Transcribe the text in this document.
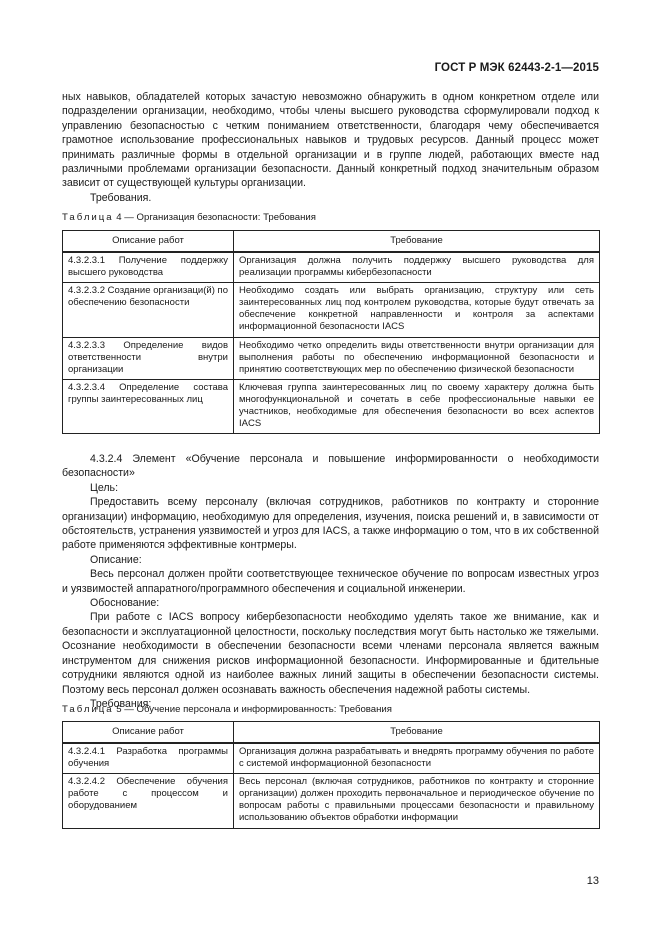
ГОСТ Р МЭК 62443-2-1—2015

ных навыков, обладателей которых зачастую невозможно обнаружить в одном конкретном отделе или подразделении организации, необходимо, чтобы члены высшего руководства сформулировали подход к управлению безопасностью с четким пониманием ответственности, благодаря чему обеспечивается грамотное использование профессиональных навыков и трудовых ресурсов. Данный процесс может принимать различные формы в отдельной организации и в группе людей, работающих вместе над различными проблемами организации безопасности. Данный конкретный подход значительным образом зависит от существующей культуры организации.

Требования.

Таблица 4 — Организация безопасности: Требования
Описание работ	Требование
4.3.2.3.1 Получение поддержку высшего руководства	Организация должна получить поддержку высшего руководства для реализации программы кибербезопасности
4.3.2.3.2 Создание организаци(й) по обеспечению безопасности	Необходимо создать или выбрать организацию, структуру или сеть заинтересованных лиц под контролем руководства, которые будут отвечать за обеспечение конкретной направленности и контроля за аспектами информационной безопасности IACS
4.3.2.3.3 Определение видов ответственности внутри организации	Необходимо четко определить виды ответственности внутри организации для выполнения работы по обеспечению информационной безопасности и принятию соответствующих мер по обеспечению физической безопасности
4.3.2.3.4 Определение состава группы заинтересованных лиц	Ключевая группа заинтересованных лиц по своему характеру должна быть многофункциональной и сочетать в себе профессиональные навыки ее участников, необходимые для обеспечения безопасности во всех аспектов IACS

4.3.2.4 Элемент «Обучение персонала и повышение информированности о необходимости безопасности»

Цель:

Предоставить всему персоналу (включая сотрудников, работников по контракту и сторонние организации) информацию, необходимую для определения, изучения, поиска решений и, в зависимости от обстоятельств, устранения уязвимостей и угроз для IACS, а также информацию о том, что в их собственной работе применяются эффективные контрмеры.

Описание:

Весь персонал должен пройти соответствующее техническое обучение по вопросам известных угроз и уязвимостей аппаратного/программного обеспечения и социальной инженерии.

Обоснование:

При работе с IACS вопросу кибербезопасности необходимо уделять такое же внимание, как и безопасности и эксплуатационной целостности, поскольку последствия могут быть настолько же тяжелыми. Осознание необходимости в обеспечении безопасности всеми членами персонала является важным инструментом для снижения рисков информационной безопасности. Информированные и бдительные сотрудники являются одной из наиболее важных линий защиты в обеспечении безопасности системы. Поэтому весь персонал должен осознавать важность обеспечения надежной работы системы.

Требования:

Таблица 5 — Обучение персонала и информированность: Требования
Описание работ	Требование
4.3.2.4.1 Разработка программы обучения	Организация должна разрабатывать и внедрять программу обучения по работе с системой информационной безопасности
4.3.2.4.2 Обеспечение обучения работе с процессом и оборудованием	Весь персонал (включая сотрудников, работников по контракту и сторонние организации) должен проходить первоначальное и периодическое обучение по вопросам работы с правильными процессами безопасности и правильному использованию объектов обработки информации
13
